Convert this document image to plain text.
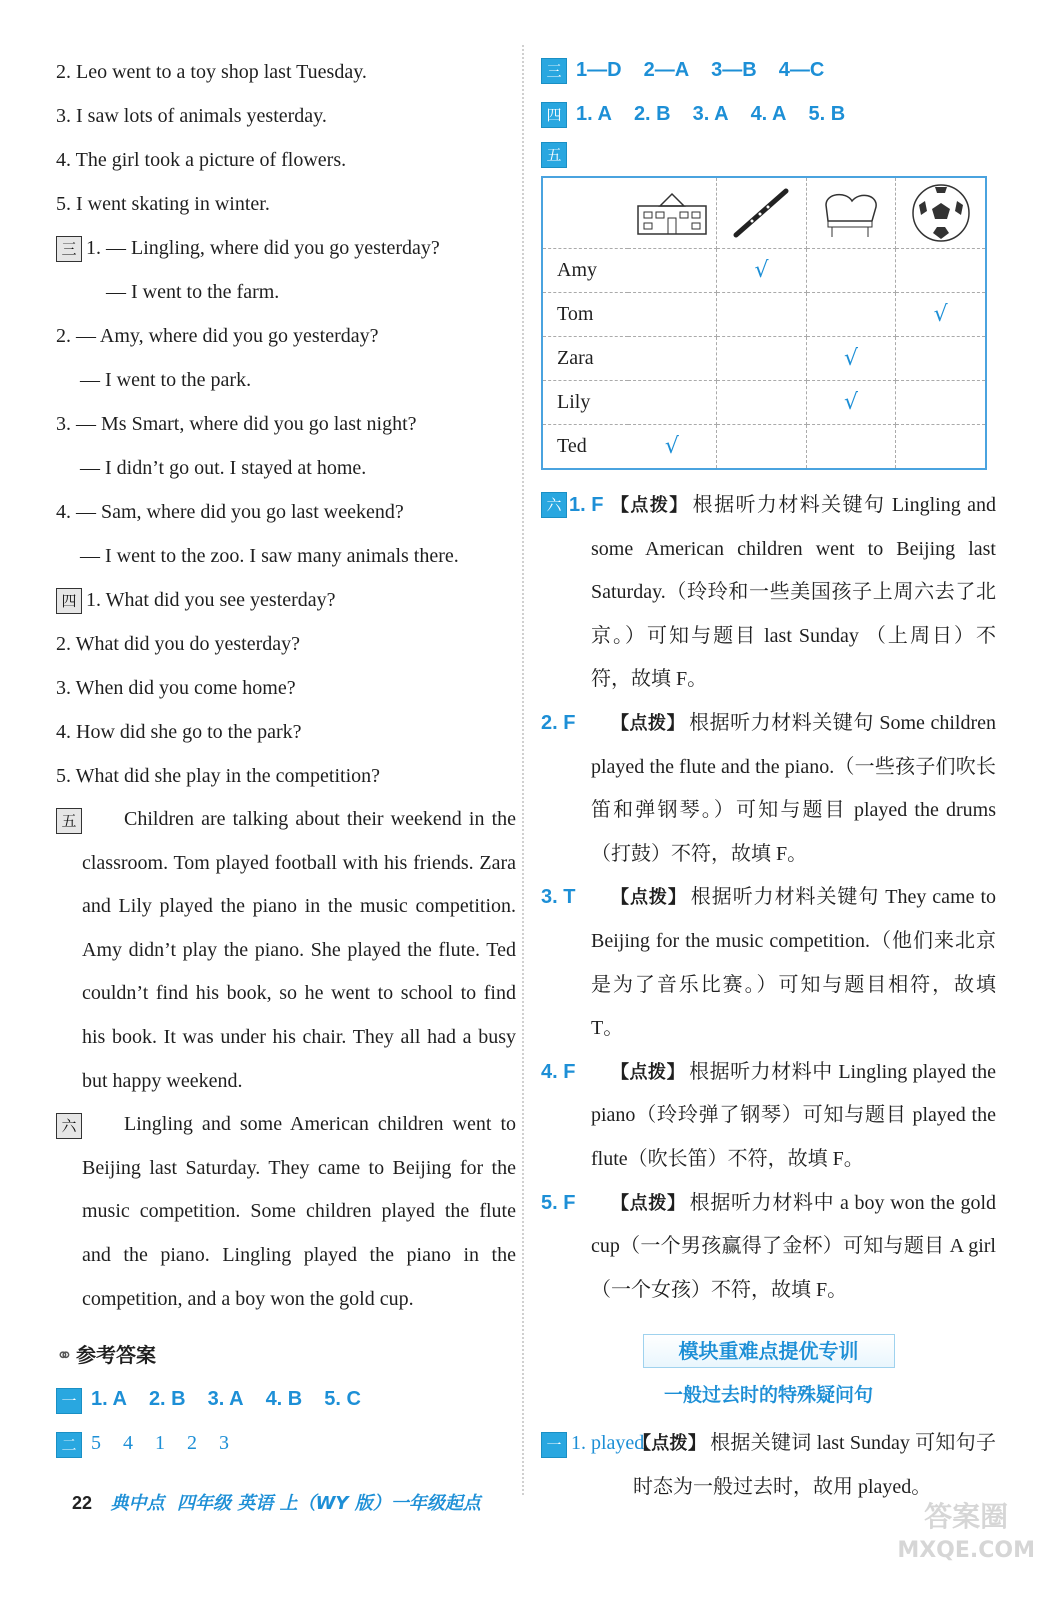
2. Leo went to a toy shop last Tuesday.
3. I saw lots of animals yesterday.
4. The girl took a picture of flowers.
5. I went skating in winter.
三 1. — Lingling, where did you go yesterday?
— I went to the farm.
2. — Amy, where did you go yesterday?
— I went to the park.
3. — Ms Smart, where did you go last night?
— I didn’t go out. I stayed at home.
4. — Sam, where did you go last weekend?
— I went to the zoo. I saw many animals there.
四 1. What did you see yesterday?
2. What did you do yesterday?
3. When did you come home?
4. How did she go to the park?
5. What did she play in the competition?
五 Children are talking about their weekend in the classroom. Tom played football with his friends. Zara and Lily played the piano in the music competition. Amy didn’t play the piano. She played the flute. Ted couldn’t find his book, so he went to school to find his book. It was under his chair. They all had a busy but happy weekend.
六 Lingling and some American children went to Beijing last Saturday. They came to Beijing for the music competition. Some children played the flute and the piano. Lingling played the piano in the competition, and a boy won the gold cup.
⚭ 参考答案
一 1. A 2. B 3. A 4. B 5. C
二 5 4 1 2 3
三 1—D 2—A 3—B 4—C
四 1. A 2. B 3. A 4. A 5. B
五

Amy		√		
Tom				√
Zara			√	
Lily			√	
Ted	√			
六 1. F 【点拨】 根据听力材料关键句 Lingling and some American children went to Beijing last Saturday.（玲玲和一些美国孩子上周六去了北京。）可知与题目 last Sunday （上周日）不符，故填 F。
2. F 【点拨】 根据听力材料关键句 Some children played the flute and the piano.（一些孩子们吹长笛和弹钢琴。）可知与题目 played the drums （打鼓）不符，故填 F。
3. T 【点拨】 根据听力材料关键句 They came to Beijing for the music competition.（他们来北京是为了音乐比赛。）可知与题目相符，故填 T。
4. F 【点拨】 根据听力材料中 Lingling played the piano（玲玲弹了钢琴）可知与题目 played the flute（吹长笛）不符，故填 F。
5. F 【点拨】 根据听力材料中 a boy won the gold cup（一个男孩赢得了金杯）可知与题目 A girl（一个女孩）不符，故填 F。
模块重难点提优专训
一般过去时的特殊疑问句
一 1. played
【点拨】 根据关键词 last Sunday 可知句子时态为一般过去时，故用 played。
22 典中点 四年级 英语 上（WY 版）一年级起点	答案圈
MXQE.COM
